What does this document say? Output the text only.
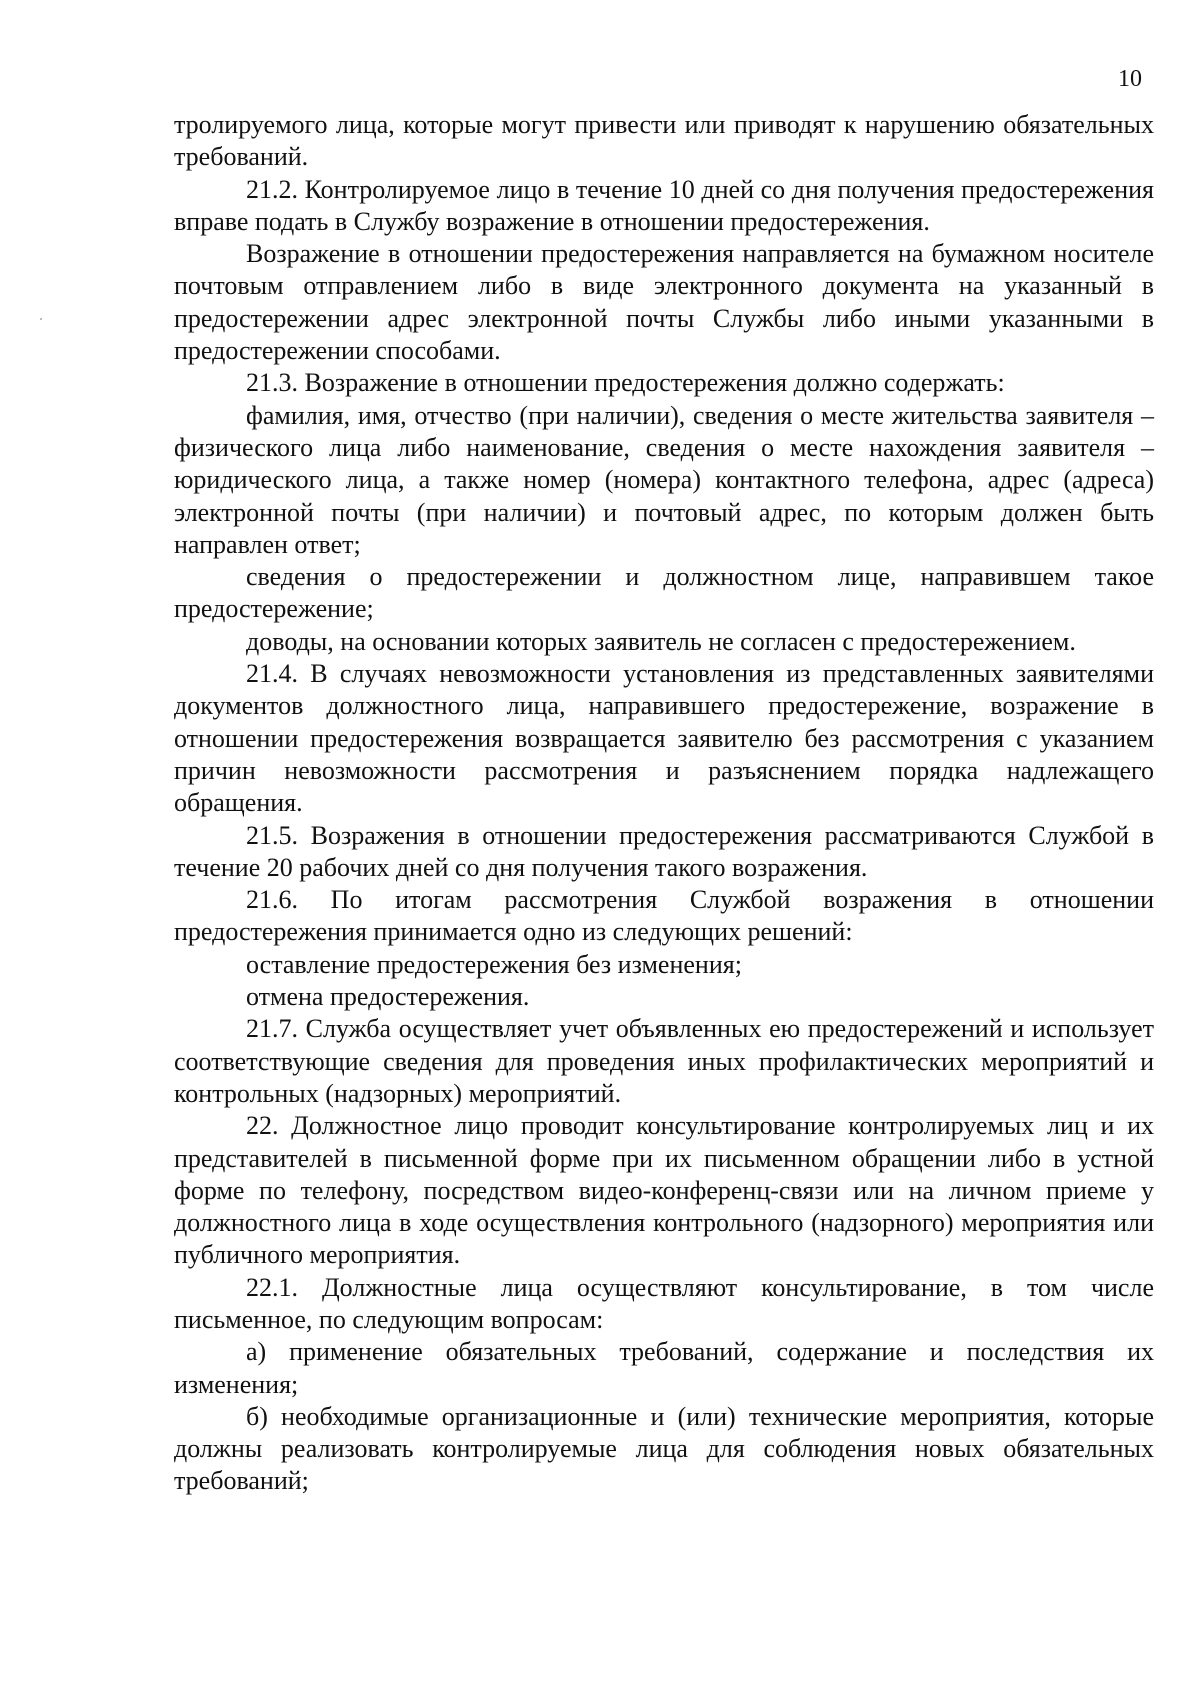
10

тролируемого лица, которые могут привести или приводят к нарушению обязательных требований.

21.2. Контролируемое лицо в течение 10 дней со дня получения предостережения вправе подать в Службу возражение в отношении предостережения.

Возражение в отношении предостережения направляется на бумажном носителе почтовым отправлением либо в виде электронного документа на указанный в предостережении адрес электронной почты Службы либо иными указанными в предостережении способами.

21.3. Возражение в отношении предостережения должно содержать:

фамилия, имя, отчество (при наличии), сведения о месте жительства заявителя – физического лица либо наименование, сведения о месте нахождения заявителя – юридического лица, а также номер (номера) контактного телефона, адрес (адреса) электронной почты (при наличии) и почтовый адрес, по которым должен быть направлен ответ;

сведения о предостережении и должностном лице, направившем такое предостережение;

доводы, на основании которых заявитель не согласен с предостережением.

21.4. В случаях невозможности установления из представленных заявителями документов должностного лица, направившего предостережение, возражение в отношении предостережения возвращается заявителю без рассмотрения с указанием причин невозможности рассмотрения и разъяснением порядка надлежащего обращения.

21.5. Возражения в отношении предостережения рассматриваются Службой в течение 20 рабочих дней со дня получения такого возражения.

21.6. По итогам рассмотрения Службой возражения в отношении предостережения принимается одно из следующих решений:

оставление предостережения без изменения;

отмена предостережения.

21.7. Служба осуществляет учет объявленных ею предостережений и использует соответствующие сведения для проведения иных профилактических мероприятий и контрольных (надзорных) мероприятий.

22. Должностное лицо проводит консультирование контролируемых лиц и их представителей в письменной форме при их письменном обращении либо в устной форме по телефону, посредством видео-конференц-связи или на личном приеме у должностного лица в ходе осуществления контрольного (надзорного) мероприятия или публичного мероприятия.

22.1. Должностные лица осуществляют консультирование, в том числе письменное, по следующим вопросам:

а) применение обязательных требований, содержание и последствия их изменения;

б) необходимые организационные и (или) технические мероприятия, которые должны реализовать контролируемые лица для соблюдения новых обязательных требований;
